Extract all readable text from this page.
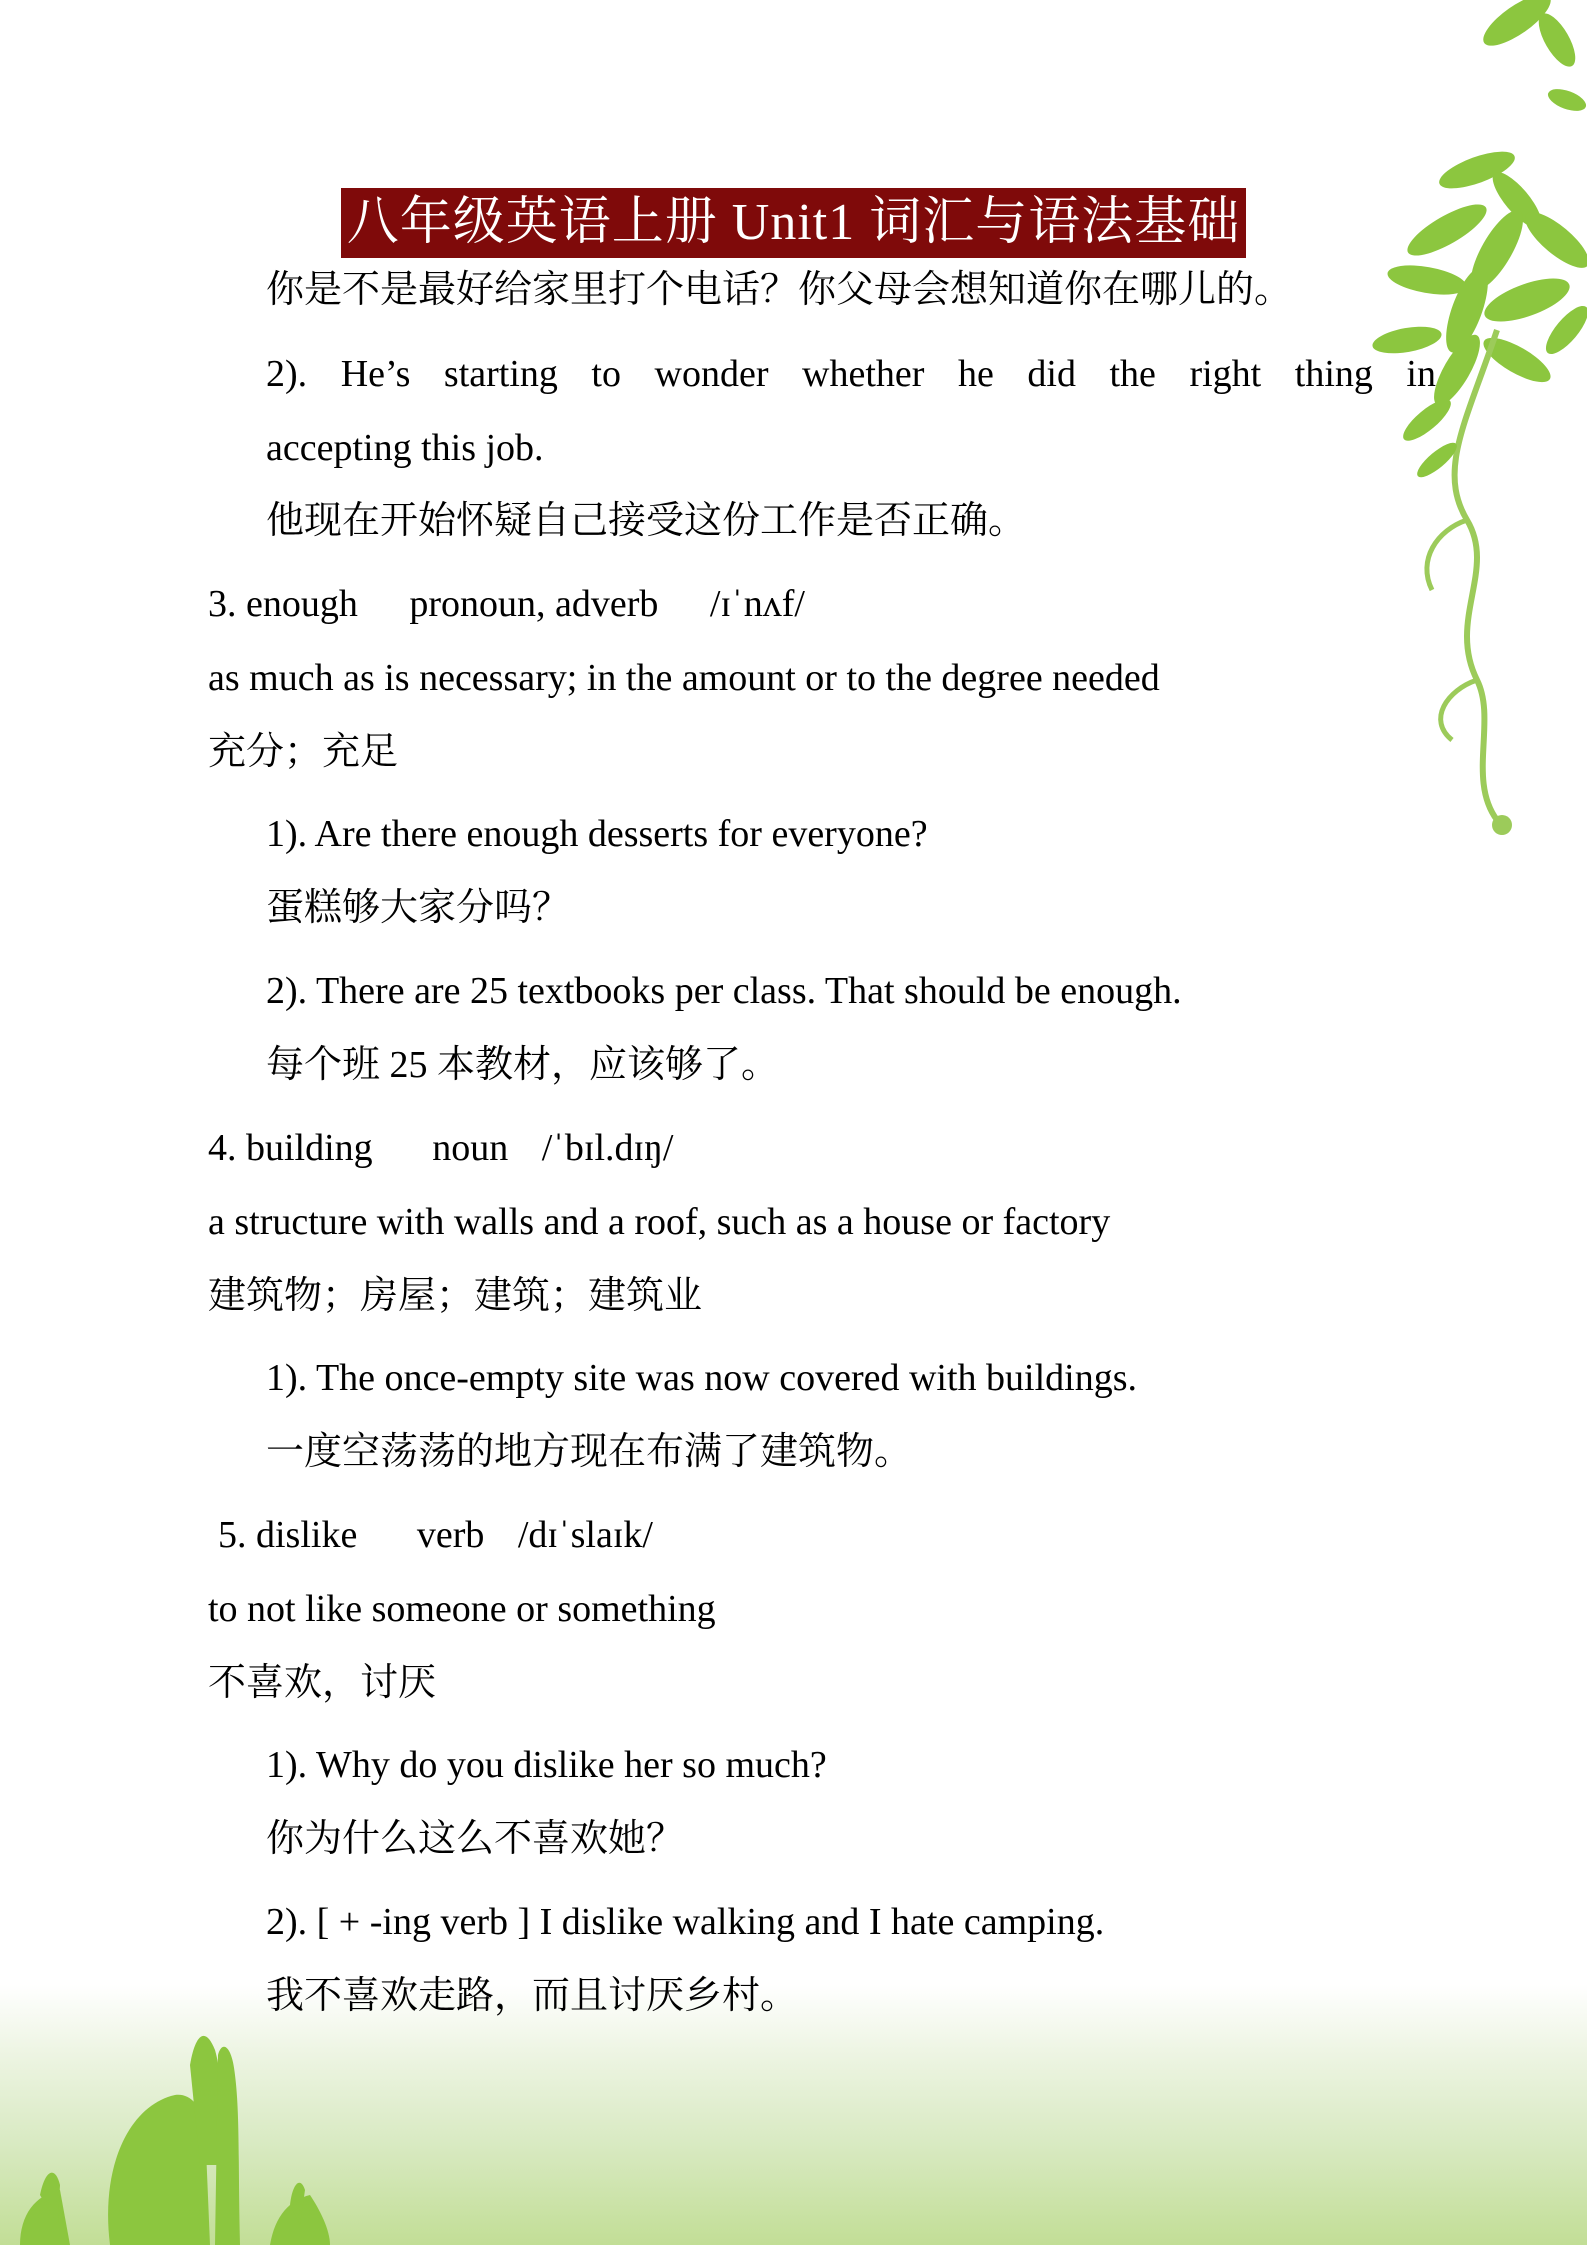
八年级英语上册 Unit1 词汇与语法基础
你是不是最好给家里打个电话？你父母会想知道你在哪儿的。
2). He’s starting to wonder whether he did the right thing in
accepting this job.
他现在开始怀疑自己接受这份工作是否正确。
3. enough pronoun, adverb /ɪˈnʌf/
as much as is necessary; in the amount or to the degree needed
充分；充足
1). Are there enough desserts for everyone?
蛋糕够大家分吗？
2). There are 25 textbooks per class. That should be enough.
每个班 25 本教材，应该够了。
4. building noun /ˈbɪl.dɪŋ/
a structure with walls and a roof, such as a house or factory
建筑物；房屋；建筑；建筑业
1). The once-empty site was now covered with buildings.
一度空荡荡的地方现在布满了建筑物。
5. dislike verb /dɪˈslaɪk/
to not like someone or something
不喜欢，讨厌
1). Why do you dislike her so much?
你为什么这么不喜欢她？
2). [ + -ing verb ] I dislike walking and I hate camping.
我不喜欢走路，而且讨厌乡村。
